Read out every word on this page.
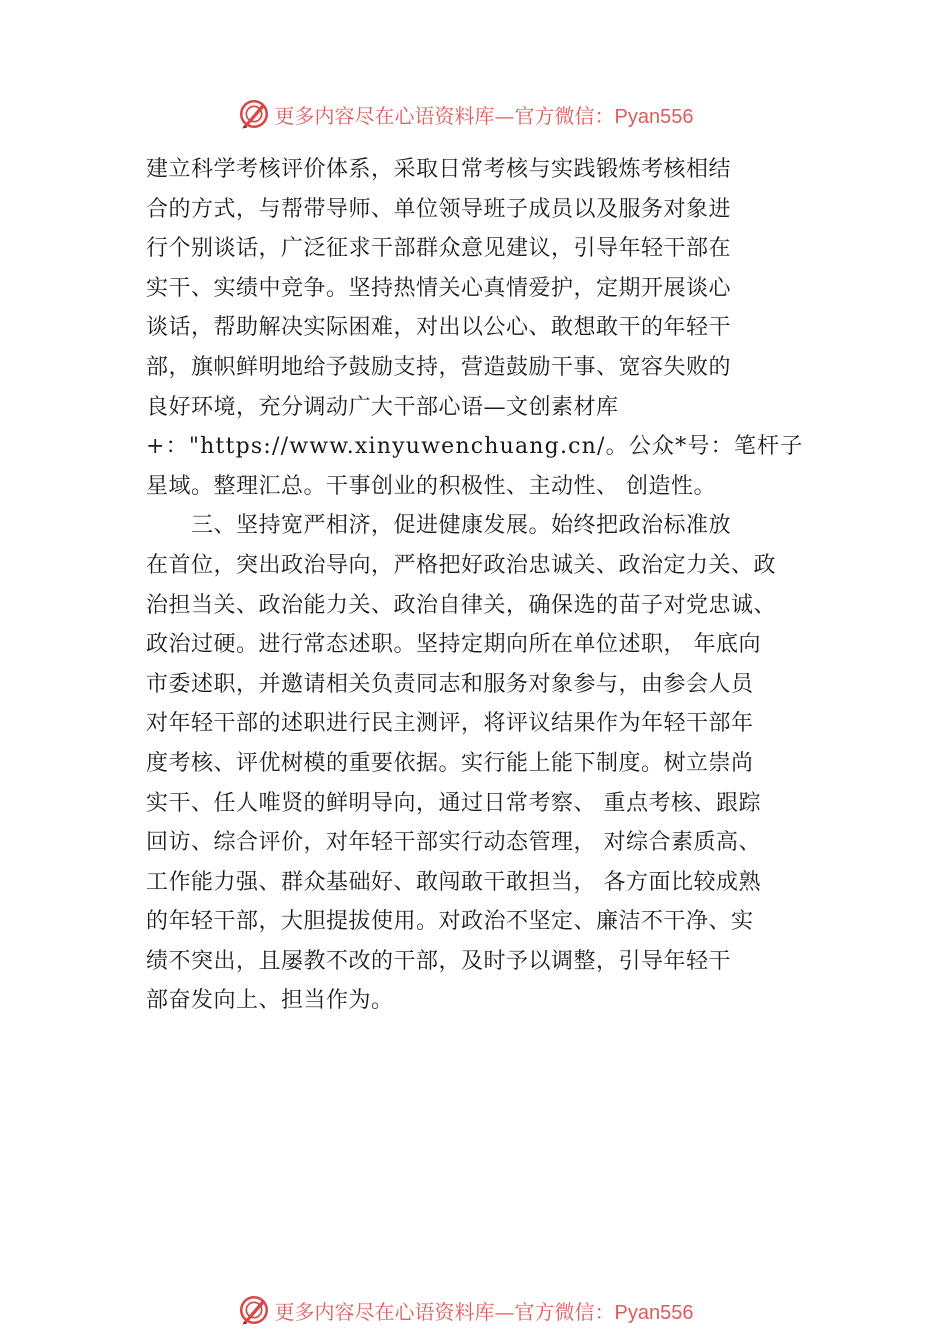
更多内容尽在心语资料库—官方微信：Pyan556
建立科学考核评价体系，采取日常考核与实践锻炼考核相结
合的方式，与帮带导师、单位领导班子成员以及服务对象进
行个别谈话，广泛征求干部群众意见建议，引导年轻干部在
实干、实绩中竞争。坚持热情关心真情爱护，定期开展谈心
谈话，帮助解决实际困难，对出以公心、敢想敢干的年轻干
部，旗帜鲜明地给予鼓励支持，营造鼓励干事、宽容失败的
良好环境，充分调动广大干部心语—文创素材库
+："https://www.xinyuwenchuang.cn/。公众*号：笔杆子
星域。整理汇总。干事创业的积极性、主动性、 创造性。
　　三、坚持宽严相济，促进健康发展。始终把政治标准放
在首位，突出政治导向，严格把好政治忠诚关、政治定力关、政
治担当关、政治能力关、政治自律关，确保选的苗子对党忠诚、
政治过硬。进行常态述职。坚持定期向所在单位述职， 年底向
市委述职，并邀请相关负责同志和服务对象参与，由参会人员
对年轻干部的述职进行民主测评，将评议结果作为年轻干部年
度考核、评优树模的重要依据。实行能上能下制度。树立崇尚
实干、任人唯贤的鲜明导向，通过日常考察、 重点考核、跟踪
回访、综合评价，对年轻干部实行动态管理， 对综合素质高、
工作能力强、群众基础好、敢闯敢干敢担当， 各方面比较成熟
的年轻干部，大胆提拔使用。对政治不坚定、廉洁不干净、实
绩不突出，且屡教不改的干部，及时予以调整，引导年轻干
部奋发向上、担当作为。
更多内容尽在心语资料库—官方微信：Pyan556
